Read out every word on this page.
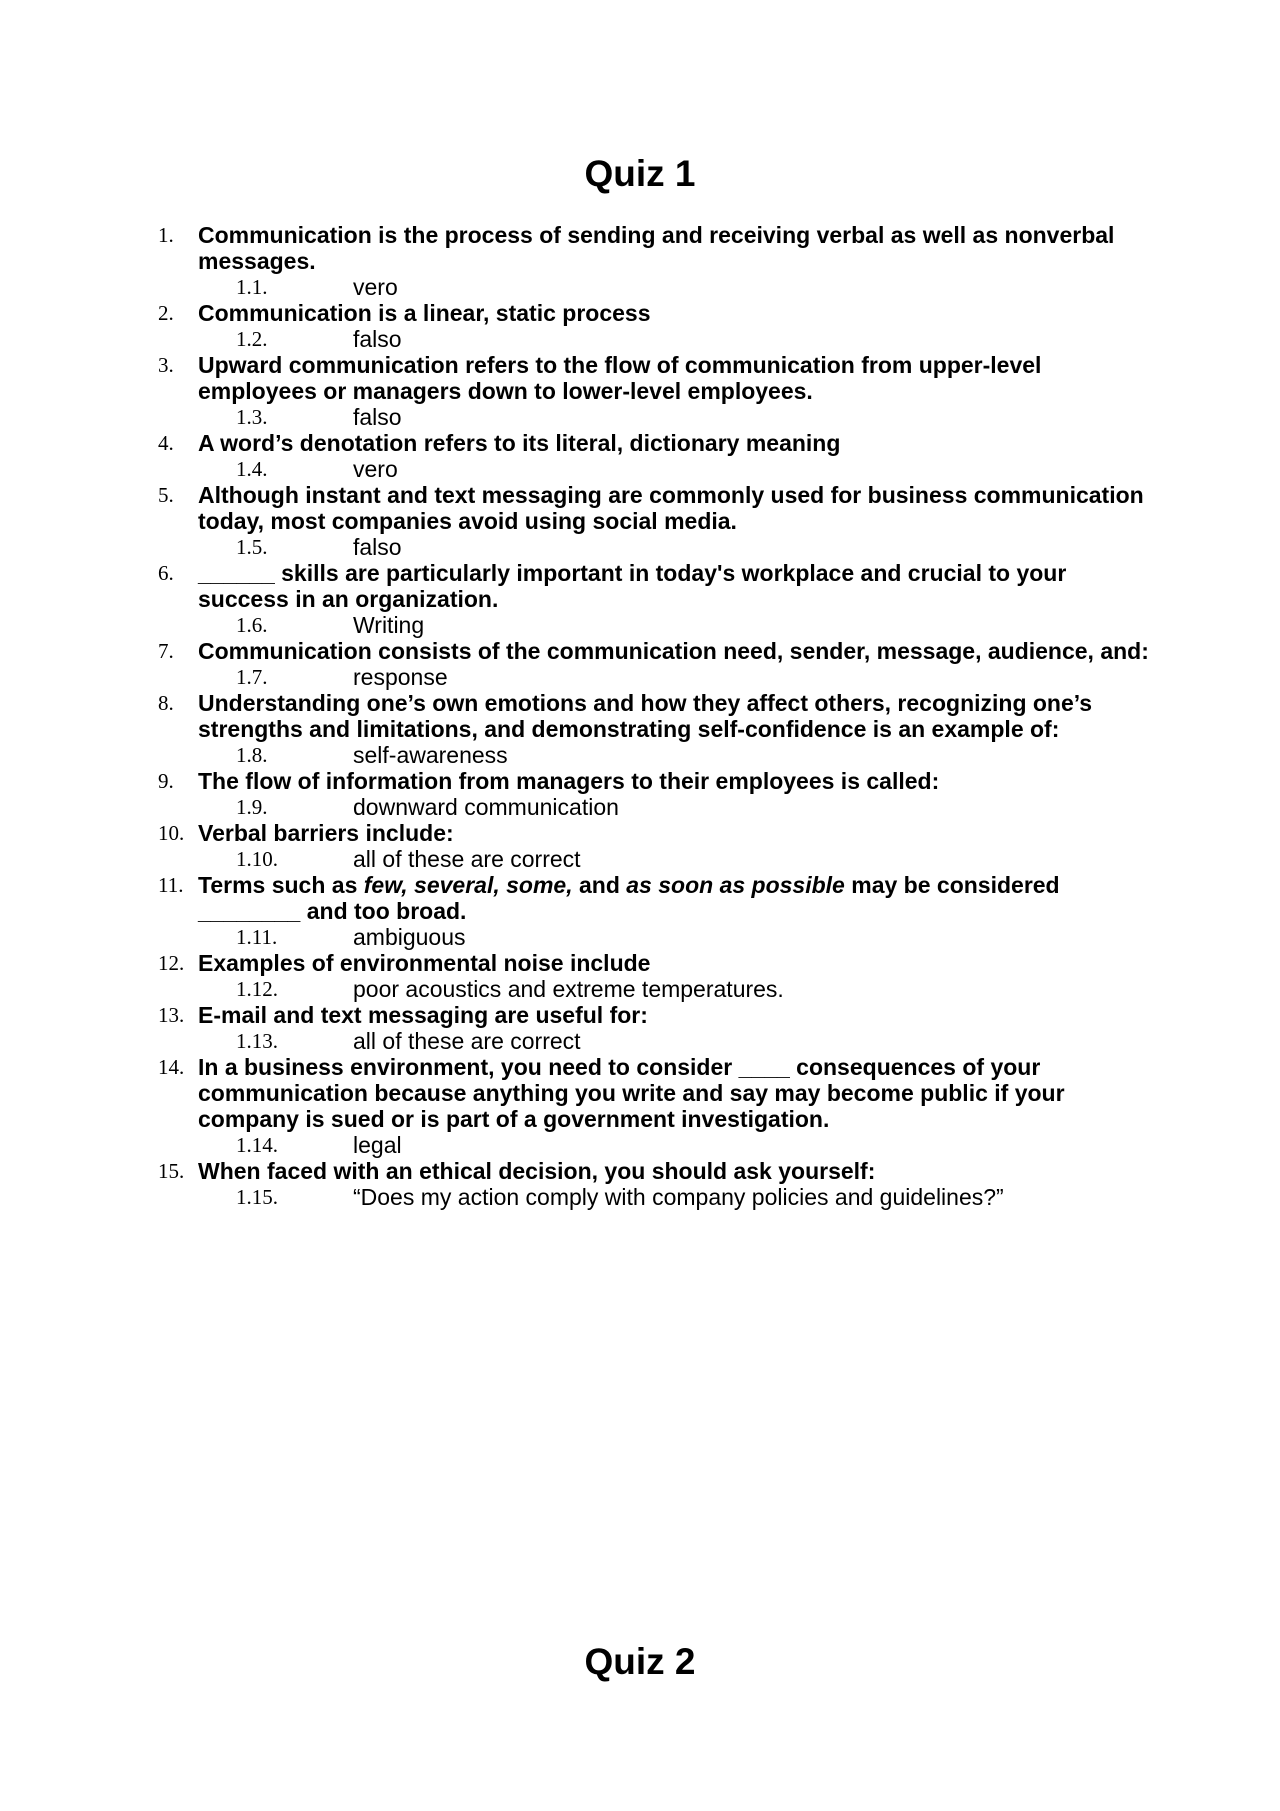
Quiz 1
1. Communication is the process of sending and receiving verbal as well as nonverbal messages.
1.1.	vero
2. Communication is a linear, static process
1.2.	falso
3. Upward communication refers to the flow of communication from upper-level employees or managers down to lower-level employees.
1.3.	falso
4. A word’s denotation refers to its literal, dictionary meaning
1.4.	vero
5. Although instant and text messaging are commonly used for business communication today, most companies avoid using social media.
1.5.	falso
6. ______ skills are particularly important in today's workplace and crucial to your success in an organization.
1.6.	Writing
7. Communication consists of the communication need, sender, message, audience, and:
1.7.	response
8. Understanding one’s own emotions and how they affect others, recognizing one’s strengths and limitations, and demonstrating self-confidence is an example of:
1.8.	self-awareness
9. The flow of information from managers to their employees is called:
1.9.	downward communication
10. Verbal barriers include:
1.10.	all of these are correct
11. Terms such as few, several, some, and as soon as possible may be considered ________ and too broad.
1.11.	ambiguous
12. Examples of environmental noise include
1.12.	poor acoustics and extreme temperatures.
13. E-mail and text messaging are useful for:
1.13.	all of these are correct
14. In a business environment, you need to consider ____ consequences of your communication because anything you write and say may become public if your company is sued or is part of a government investigation.
1.14.	legal
15. When faced with an ethical decision, you should ask yourself:
1.15.	“Does my action comply with company policies and guidelines?”
Quiz 2
